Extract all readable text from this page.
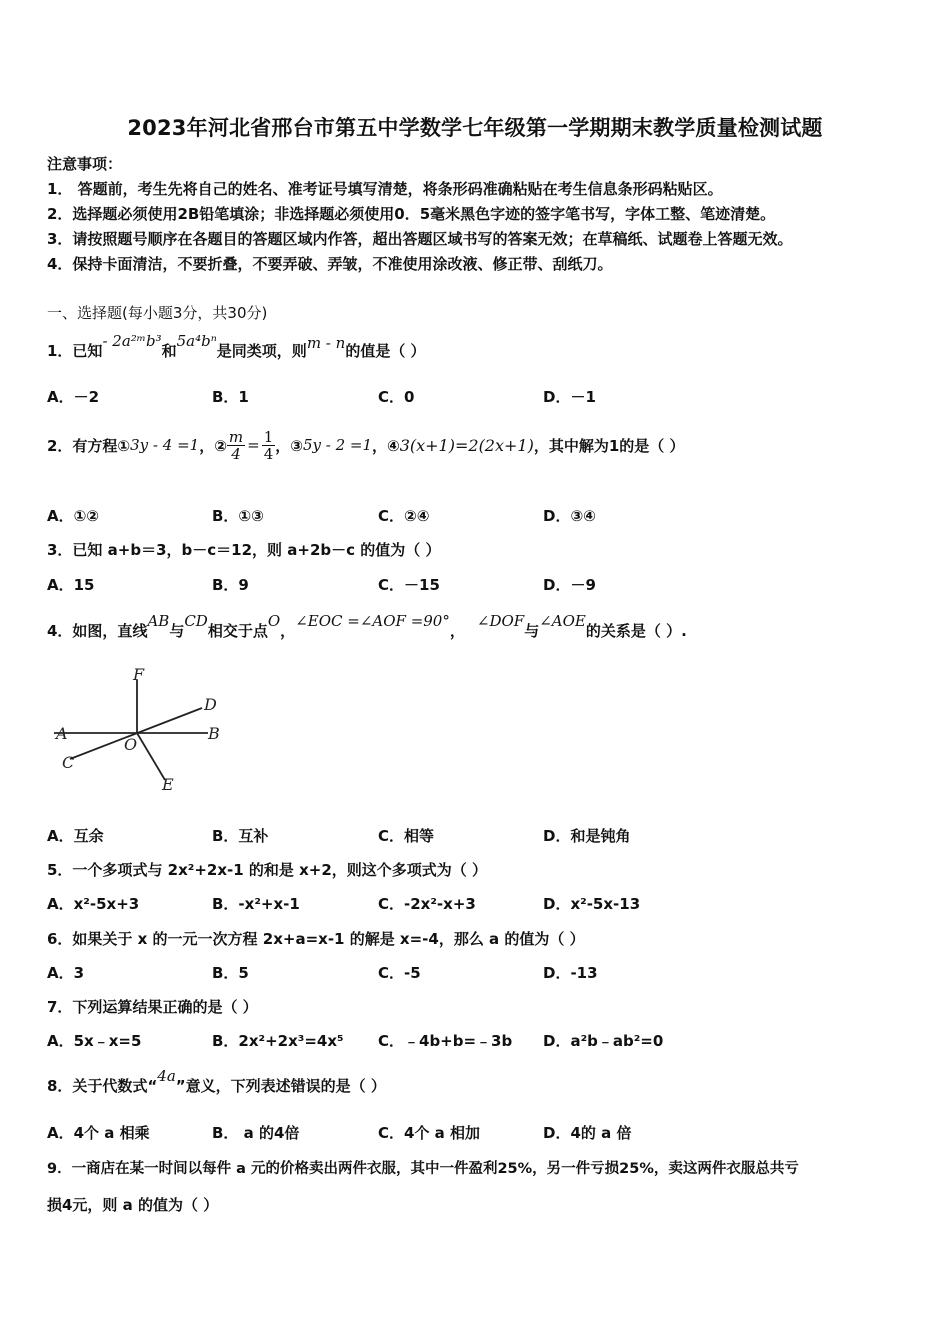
2023年河北省邢台市第五中学数学七年级第一学期期末教学质量检测试题
注意事项：
1． 答题前，考生先将自己的姓名、准考证号填写清楚，将条形码准确粘贴在考生信息条形码粘贴区。
2．选择题必须使用2B铅笔填涂；非选择题必须使用0．5毫米黑色字迹的签字笔书写，字体工整、笔迹清楚。
3．请按照题号顺序在各题目的答题区域内作答，超出答题区域书写的答案无效；在草稿纸、试题卷上答题无效。
4．保持卡面清洁，不要折叠，不要弄破、弄皱，不准使用涂改液、修正带、刮纸刀。
一、选择题(每小题3分，共30分)
1．已知- 2a²ᵐb³和5a⁴bⁿ是同类项，则m - n的值是（ ）
A．－2	B．1	C．0	D．－1
2．有方程① 3y - 4 =1 ，② $\frac{m}{4} = \frac{1}{4}$ ，③ 5y - 2 =1 ，④ 3(x+1)=2(2x+1) ，其中解为1的是（ ）
A．①②	B．①③	C．②④	D．③④
3．已知 a+b＝3，b－c＝12，则 a+2b－c 的值为（ ）
A．15	B．9	C．－15	D．－9
4．如图，直线AB与CD相交于点O，∠EOC =∠AOF =90°，∠DOF与∠AOE的关系是（ ）.
F
D
A
O
B
C
E
A．互余	B．互补	C．相等	D．和是钝角
5．一个多项式与 2x²+2x-1 的和是 x+2，则这个多项式为（ ）
A．x²-5x+3	B．-x²+x-1	C．-2x²-x+3	D．x²-5x-13
6．如果关于 x 的一元一次方程 2x+a=x-1 的解是 x=-4，那么 a 的值为（ ）
A．3	B．5	C．-5	D．-13
7．下列运算结果正确的是（ ）
A．5x﹣x=5	B．2x²+2x³=4x⁵ C．﹣4b+b=﹣3b D．a²b﹣ab²=0
8．关于代数式“4a”意义，下列表述错误的是（ ）
A．4个 a 相乘	B． a 的4倍	C．4个 a 相加	D．4的 a 倍
9．一商店在某一时间以每件 a 元的价格卖出两件衣服，其中一件盈利25%，另一件亏损25%，卖这两件衣服总共亏
损4元，则 a 的值为（ ）
